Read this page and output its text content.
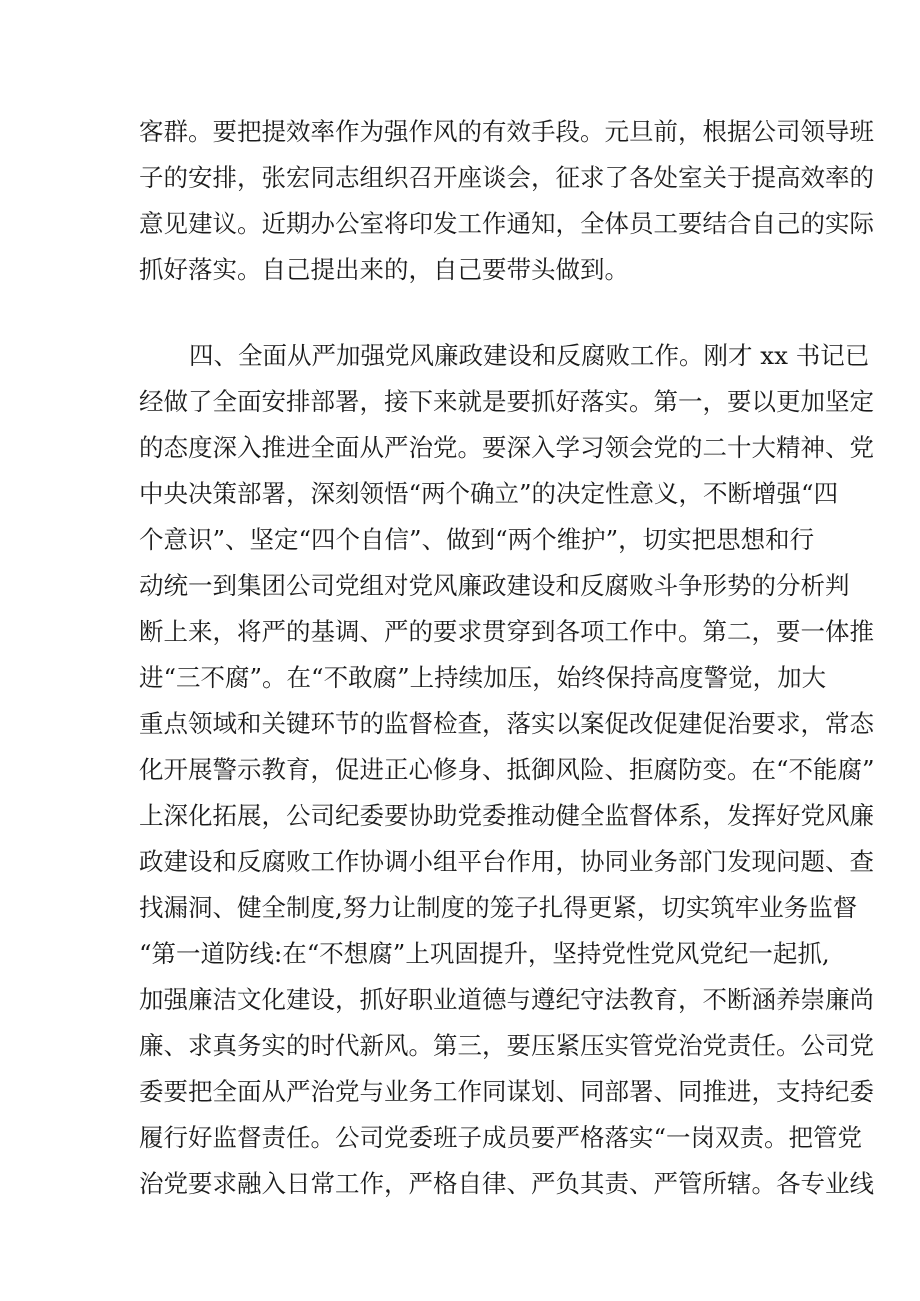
客群。要把提效率作为强作风的有效手段。元旦前，根据公司领导班
子的安排，张宏同志组织召开座谈会，征求了各处室关于提高效率的
意见建议。近期办公室将印发工作通知，全体员工要结合自己的实际
抓好落实。自己提出来的，自己要带头做到。
四、全面从严加强党风廉政建设和反腐败工作。刚才 xx 书记已
经做了全面安排部署，接下来就是要抓好落实。第一，要以更加坚定
的态度深入推进全面从严治党。要深入学习领会党的二十大精神、党
中央决策部署，深刻领悟“两个确立”的决定性意义，不断增强“四
个意识”、坚定“四个自信”、做到“两个维护”，切实把思想和行
动统一到集团公司党组对党风廉政建设和反腐败斗争形势的分析判
断上来，将严的基调、严的要求贯穿到各项工作中。第二，要一体推
进“三不腐”。在“不敢腐”上持续加压，始终保持高度警觉，加大
重点领域和关键环节的监督检查，落实以案促改促建促治要求，常态
化开展警示教育，促进正心修身、抵御风险、拒腐防变。在“不能腐”
上深化拓展，公司纪委要协助党委推动健全监督体系，发挥好党风廉
政建设和反腐败工作协调小组平台作用，协同业务部门发现问题、查
找漏洞、健全制度,努力让制度的笼子扎得更紧，切实筑牢业务监督
“第一道防线:在“不想腐”上巩固提升，坚持党性党风党纪一起抓,
加强廉洁文化建设，抓好职业道德与遵纪守法教育，不断涵养崇廉尚
廉、求真务实的时代新风。第三，要压紧压实管党治党责任。公司党
委要把全面从严治党与业务工作同谋划、同部署、同推进，支持纪委
履行好监督责任。公司党委班子成员要严格落实“一岗双责。把管党
治党要求融入日常工作，严格自律、严负其责、严管所辖。各专业线
